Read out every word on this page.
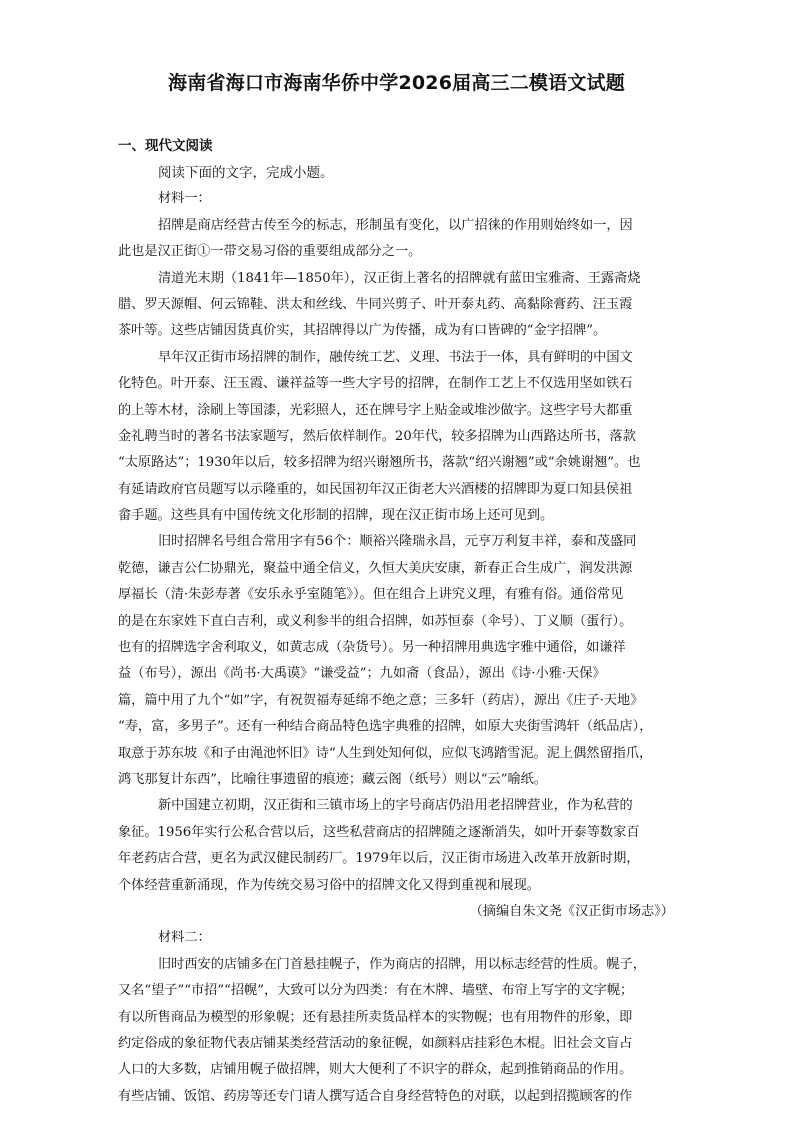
海南省海口市海南华侨中学2026届高三二模语文试题
一、现代文阅读
阅读下面的文字，完成小题。
材料一：
招牌是商店经营古传至今的标志，形制虽有变化，以广招徕的作用则始终如一，因
此也是汉正街①一带交易习俗的重要组成部分之一。
清道光末期（1841年—1850年），汉正街上著名的招牌就有蓝田宝雅斋、王露斋烧
腊、罗天源帽、何云锦鞋、洪太和丝线、牛同兴剪子、叶开泰丸药、高黏除膏药、汪玉霞
茶叶等。这些店铺因货真价实，其招牌得以广为传播，成为有口皆碑的“金字招牌”。
早年汉正街市场招牌的制作，融传统工艺、义理、书法于一体，具有鲜明的中国文
化特色。叶开泰、汪玉霞、谦祥益等一些大字号的招牌，在制作工艺上不仅选用坚如铁石
的上等木材，涂刷上等国漆，光彩照人，还在牌号字上贴金或堆沙做字。这些字号大都重
金礼聘当时的著名书法家题写，然后依样制作。20年代，较多招牌为山西路达所书，落款
“太原路达”；1930年以后，较多招牌为绍兴谢翘所书，落款“绍兴谢翘”或“余姚谢翘”。也
有延请政府官员题写以示隆重的，如民国初年汉正街老大兴酒楼的招牌即为夏口知县侯祖
畲手题。这些具有中国传统文化形制的招牌，现在汉正街市场上还可见到。
旧时招牌名号组合常用字有56个：顺裕兴隆瑞永昌，元亨万利复丰祥，泰和茂盛同
乾德，谦吉公仁协鼎光，聚益中通全信义，久恒大美庆安康，新春正合生成广，润发洪源
厚福长（清·朱彭寿著《安乐永乎室随笔》）。但在组合上讲究义理，有雅有俗。通俗常见
的是在东家姓下直白吉利，或义利参半的组合招牌，如苏恒泰（伞号）、丁义顺（蛋行）。
也有的招牌选字舍利取义，如黄志成（杂货号）。另一种招牌用典选字雅中通俗，如谦祥
益（布号），源出《尚书·大禹谟》“谦受益”；九如斋（食品），源出《诗·小雅·天保》
篇，篇中用了九个“如”字，有祝贺福寿延绵不绝之意；三多轩（药店），源出《庄子·天地》
“寿，富，多男子”。还有一种结合商品特色选字典雅的招牌，如原大夹街雪鸿轩（纸品店），
取意于苏东坡《和子由渑池怀旧》诗“人生到处知何似，应似飞鸿踏雪泥。泥上偶然留指爪，
鸿飞那复计东西”，比喻往事遗留的痕迹；藏云阁（纸号）则以“云”喻纸。
新中国建立初期，汉正街和三镇市场上的字号商店仍沿用老招牌营业，作为私营的
象征。1956年实行公私合营以后，这些私营商店的招牌随之逐渐消失，如叶开泰等数家百
年老药店合营，更名为武汉健民制药厂。1979年以后，汉正街市场进入改革开放新时期，
个体经营重新涌现，作为传统交易习俗中的招牌文化又得到重视和展现。
（摘编自朱文尧《汉正街市场志》）
材料二：
旧时西安的店铺多在门首悬挂幌子，作为商店的招牌，用以标志经营的性质。幌子，
又名“望子”“市招”“招幌”，大致可以分为四类：有在木牌、墙壁、布帘上写字的文字幌；
有以所售商品为模型的形象幌；还有悬挂所卖货品样本的实物幌；也有用物件的形象，即
约定俗成的象征物代表店铺某类经营活动的象征幌，如颜料店挂彩色木棍。旧社会文盲占
人口的大多数，店铺用幌子做招牌，则大大便利了不识字的群众，起到推销商品的作用。
有些店铺、饭馆、药房等还专门请人撰写适合自身经营特色的对联，以起到招揽顾客的作
